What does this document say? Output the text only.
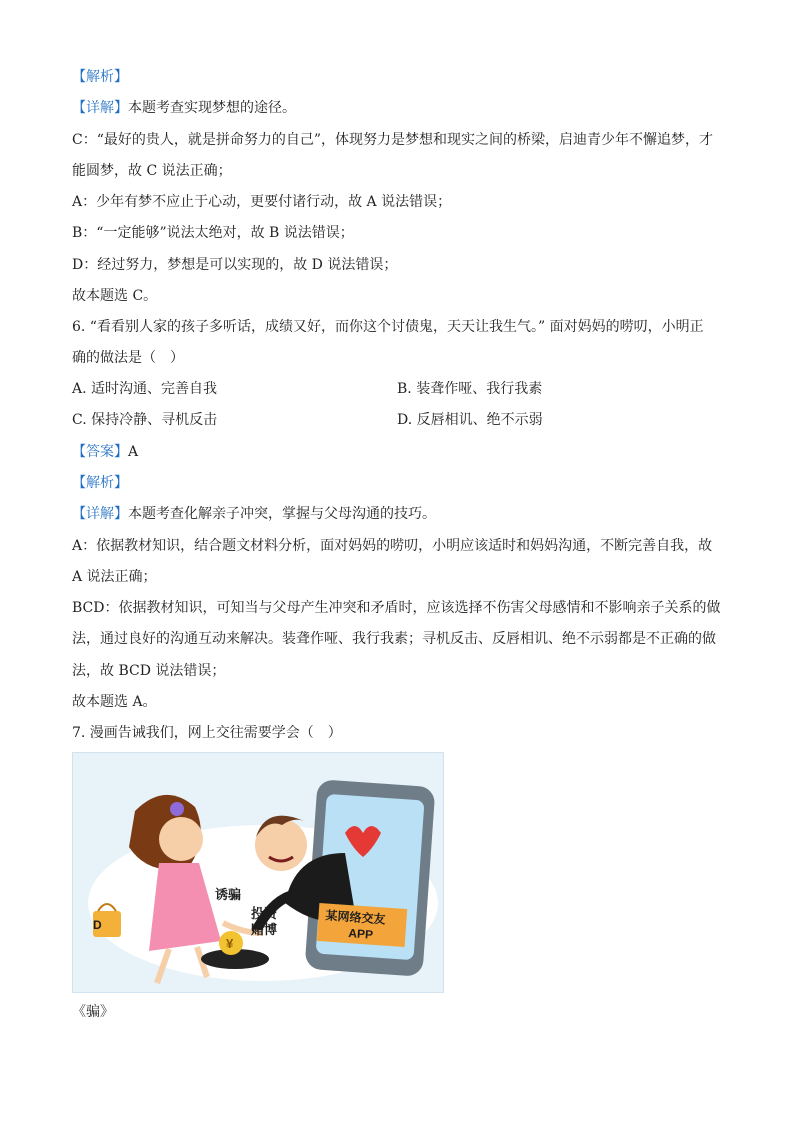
【解析】
【详解】本题考查实现梦想的途径。
C：“最好的贵人，就是拼命努力的自己”，体现努力是梦想和现实之间的桥梁，启迪青少年不懈追梦，才
能圆梦，故 C 说法正确；
A：少年有梦不应止于心动，更要付诸行动，故 A 说法错误；
B：“一定能够”说法太绝对，故 B 说法错误；
D：经过努力，梦想是可以实现的，故 D 说法错误；
故本题选 C。
6. “看看别人家的孩子多听话，成绩又好，而你这个讨债鬼，天天让我生气。” 面对妈妈的唠叨，小明正
确的做法是（　）
A. 适时沟通、完善自我	B. 装聋作哑、我行我素
C. 保持冷静、寻机反击	D. 反唇相讥、绝不示弱
【答案】A
【解析】
【详解】本题考查化解亲子冲突，掌握与父母沟通的技巧。
A：依据教材知识，结合题文材料分析，面对妈妈的唠叨，小明应该适时和妈妈沟通，不断完善自我，故
A 说法正确；
BCD：依据教材知识，可知当与父母产生冲突和矛盾时，应该选择不伤害父母感情和不影响亲子关系的做
法，通过良好的沟通互动来解决。装聋作哑、我行我素；寻机反击、反唇相讥、绝不示弱都是不正确的做
法，故 BCD 说法错误；
故本题选 A。
7. 漫画告诫我们，网上交往需要学会（　）
D
¥
诱骗
投资
赌博
某网络交友
APP
《骗》
